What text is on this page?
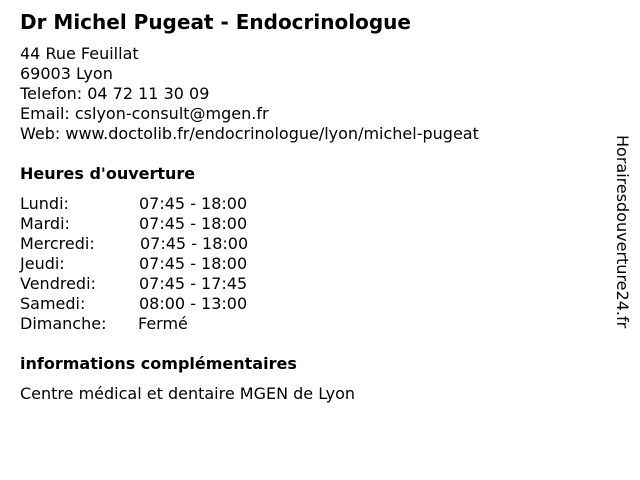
Dr Michel Pugeat - Endocrinologue
44 Rue Feuillat
69003 Lyon
Telefon: 04 72 11 30 09
Email: cslyon-consult@mgen.fr
Web: www.doctolib.fr/endocrinologue/lyon/michel-pugeat
Heures d'ouverture
Lundi:	07:45 - 18:00
Mardi:	07:45 - 18:00
Mercredi:	07:45 - 18:00
Jeudi:	07:45 - 18:00
Vendredi:	07:45 - 17:45
Samedi:	08:00 - 13:00
Dimanche: Fermé
informations complémentaires
Centre médical et dentaire MGEN de Lyon
Horairesdouverture24.fr
